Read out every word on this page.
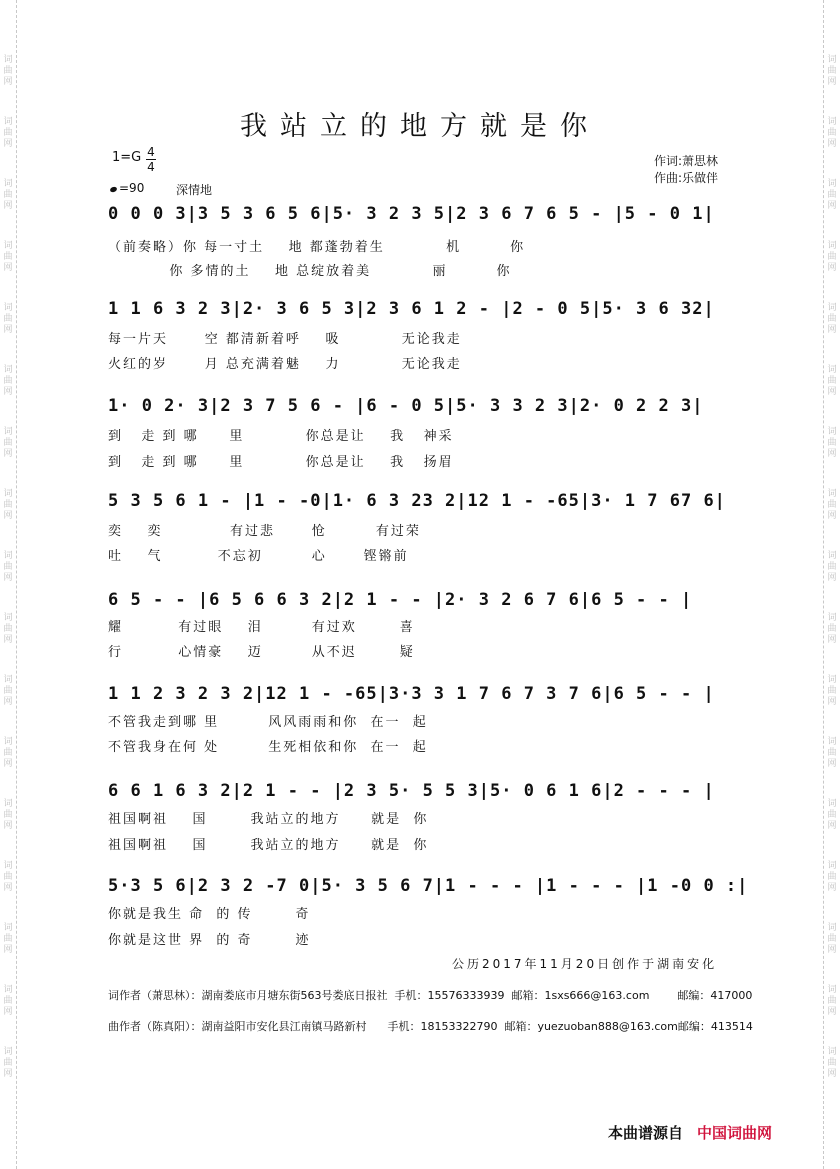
词
曲
网
词
曲
网
词
曲
网
词
曲
网
词
曲
网
词
曲
网
词
曲
网
词
曲
网
词
曲
网
词
曲
网
词
曲
网
词
曲
网
词
曲
网
词
曲
网
词
曲
网
词
曲
网
词
曲
网
词
曲
网
词
曲
网
词
曲
网
词
曲
网
词
曲
网
词
曲
网
词
曲
网
词
曲
网
词
曲
网
词
曲
网
词
曲
网
词
曲
网
词
曲
网
词
曲
网
词
曲
网
词
曲
网
词
曲
网
我站立的地方就是你
1=G 4
4
=90	深情地
作词:萧思林
作曲:乐做伴
0 0 0 3|3 5 3 6 5 6|5· 3 2 3 5|2 3 6 7 6 5 - |5 - 0 1|
（前奏略）你 每一寸土    地 都蓬勃着生          机        你
你 多情的土    地 总绽放着美          丽        你
1 1 6 3 2 3|2· 3 6 5 3|2 3 6 1 2 - |2 - 0 5|5· 3 6 32|
每一片天      空 都清新着呼    吸          无论我走
火红的岁      月 总充满着魅    力          无论我走
1· 0 2· 3|2 3 7 5 6 - |6 - 0 5|5· 3 3 2 3|2· 0 2 2 3|
到   走 到 哪     里          你总是让    我   神采
到   走 到 哪     里          你总是让    我   扬眉
5 3 5 6 1 - |1 - -0|1· 6 3 23 2|12 1 - -65|3· 1 7 67 6|
奕    奕           有过悲      怆        有过荣
吐    气         不忘初        心      铿锵前
6 5 - - |6 5 6 6 3 2|2 1 - - |2· 3 2 6 7 6|6 5 - - |
耀         有过眼    泪        有过欢       喜
行         心情豪    迈        从不迟       疑
1 1 2 3 2 3 2|12 1 - -65|3·3 3 1 7 6 7 3 7 6|6 5 - - |
不管我走到哪 里        风风雨雨和你  在一  起
不管我身在何 处        生死相依和你  在一  起
6 6 1 6 3 2|2 1 - - |2 3 5· 5 5 3|5· 0 6 1 6|2 - - - |
祖国啊祖    国       我站立的地方     就是  你
祖国啊祖    国       我站立的地方     就是  你
5·3 5 6|2 3 2 -7 0|5· 3 5 6 7|1 - - - |1 - - - |1 -0 0 :|
你就是我生 命  的 传       奇
你就是这世 界  的 奇       迹
公历2017年11月20日创作于湖南安化
词作者（萧思林）：湖南娄底市月塘东街563号娄底日报社  手机：15576333939  邮箱：1sxs666@163.com        邮编：417000
曲作者（陈真阳）：湖南益阳市安化县江南镇马路新村      手机：18153322790  邮箱：yuezuoban888@163.com邮编：413514
本曲谱源自 中国词曲网
